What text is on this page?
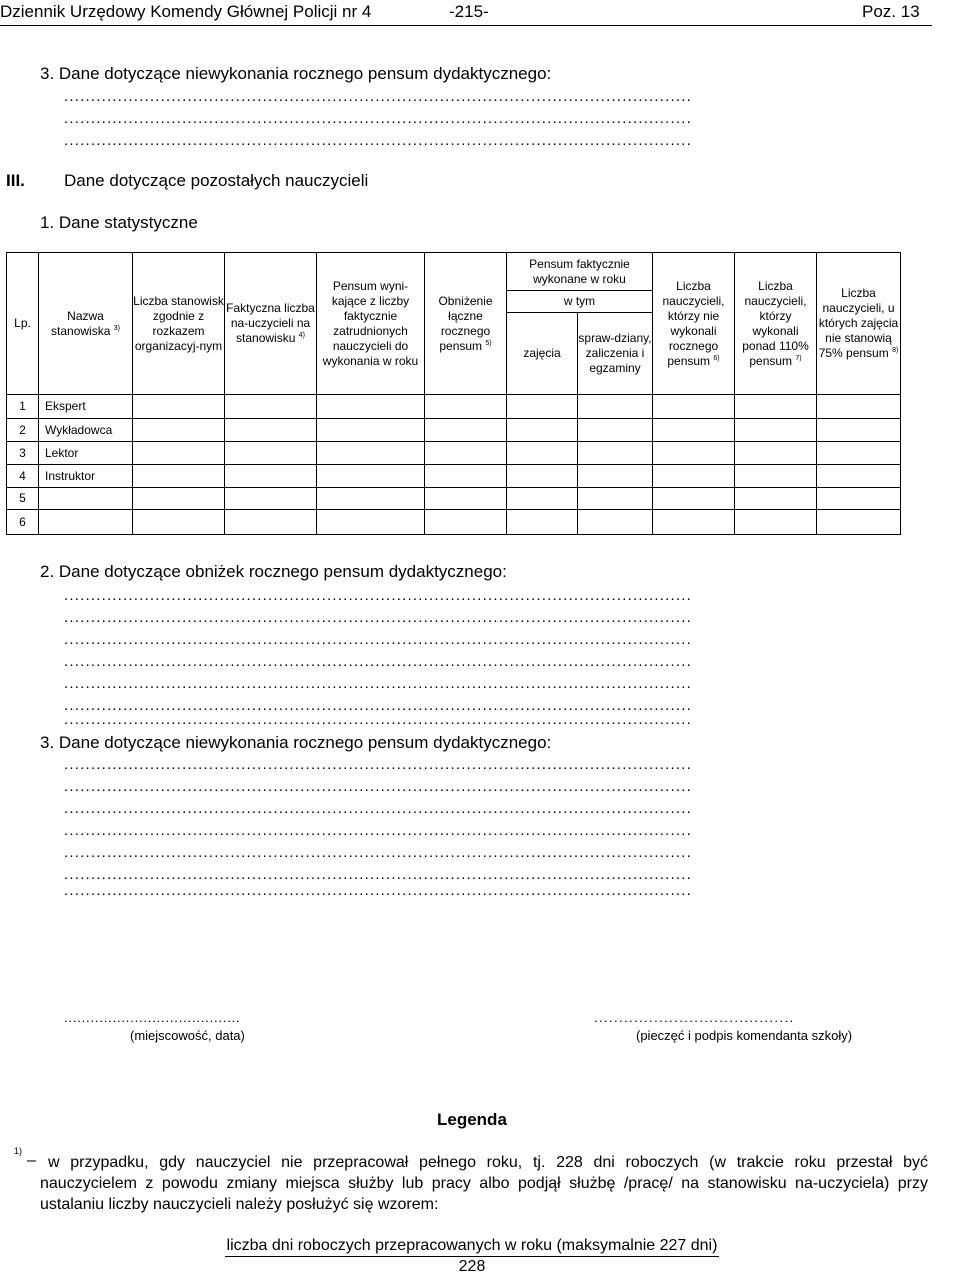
Dziennik Urzędowy Komendy Głównej Policji nr 4	-215-	Poz. 13
3. Dane dotyczące niewykonania rocznego pensum dydaktycznego:
.....................................................................................................................
.....................................................................................................................
.....................................................................................................................
III. Dane dotyczące pozostałych nauczycieli
1. Dane statystyczne
Lp.	Nazwa stanowiska $^{3)}$	Liczba stanowisk zgodnie z rozkazem organizacyj-nym	Faktyczna liczba na-uczycieli na stanowisku $^{4)}$	Pensum wyni-kające z liczby faktycznie zatrudnionych nauczycieli do wykonania w roku	Obniżenie łączne rocznego pensum $^{5)}$	Pensum faktycznie wykonane w roku		Liczba nauczycieli, którzy nie wykonali rocznego pensum $^{6)}$	Liczba nauczycieli, którzy wykonali ponad 110% pensum $^{7)}$	Liczba nauczycieli, u których zajęcia nie stanowią 75% pensum $^{8)}$
						w tym				
						zajęcia	spraw-dziany, zaliczenia i egzaminy			
1	Ekspert									
2	Wykładowca									
3	Lektor									
4	Instruktor									
5										
6										
2. Dane dotyczące obniżek rocznego pensum dydaktycznego:
.....................................................................................................................
.....................................................................................................................
.....................................................................................................................
.....................................................................................................................
.....................................................................................................................
.....................................................................................................................
.....................................................................................................................
3. Dane dotyczące niewykonania rocznego pensum dydaktycznego:
.....................................................................................................................
.....................................................................................................................
.....................................................................................................................
.....................................................................................................................
.....................................................................................................................
.....................................................................................................................
.....................................................................................................................
........................................
(miejscowość, data)
........................................
(pieczęć i podpis komendanta szkoły)
Legenda
1)
– w przypadku, gdy nauczyciel nie przepracował pełnego roku, tj. 228 dni roboczych (w trakcie roku przestał być nauczycielem z powodu zmiany miejsca służby lub pracy albo podjął służbę /pracę/ na stanowisku na-uczyciela) przy ustalaniu liczby nauczycieli należy posłużyć się wzorem:
liczba dni roboczych przepracowanych w roku (maksymalnie 227 dni)
228
